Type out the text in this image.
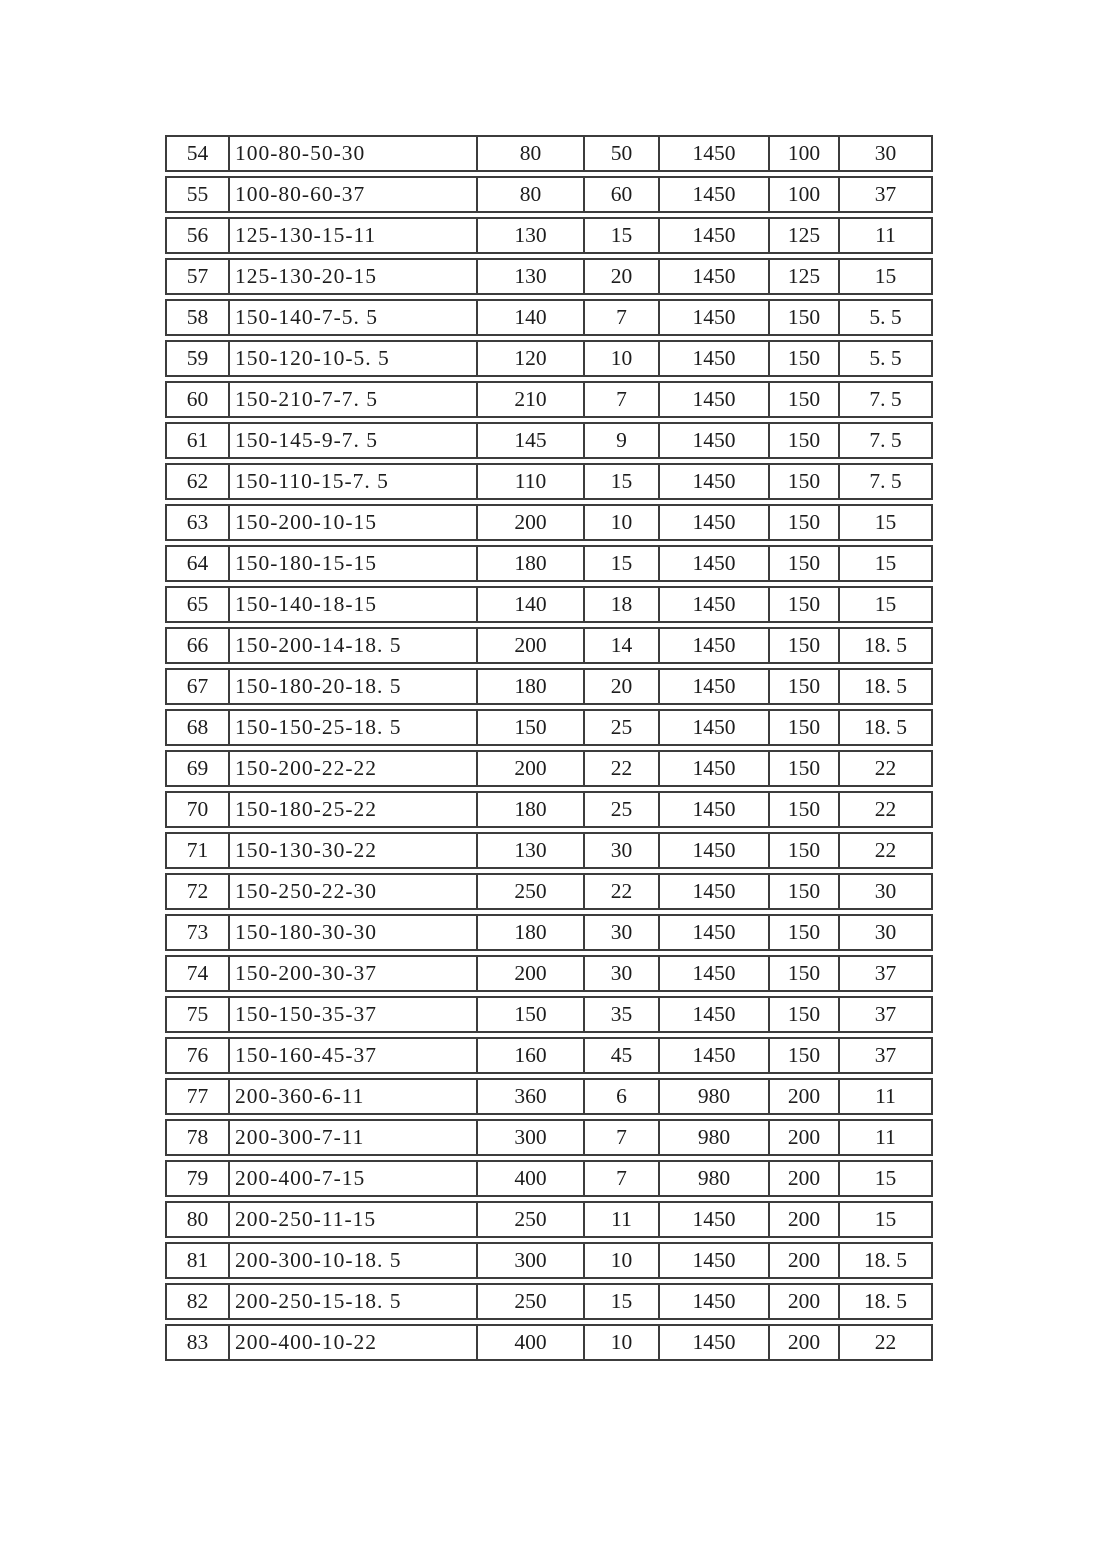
54	100-80-50-30	80	50	1450	100	30
55	100-80-60-37	80	60	1450	100	37
56	125-130-15-11	130	15	1450	125	11
57	125-130-20-15	130	20	1450	125	15
58	150-140-7-5. 5	140	7	1450	150	5. 5
59	150-120-10-5. 5	120	10	1450	150	5. 5
60	150-210-7-7. 5	210	7	1450	150	7. 5
61	150-145-9-7. 5	145	9	1450	150	7. 5
62	150-110-15-7. 5	110	15	1450	150	7. 5
63	150-200-10-15	200	10	1450	150	15
64	150-180-15-15	180	15	1450	150	15
65	150-140-18-15	140	18	1450	150	15
66	150-200-14-18. 5	200	14	1450	150	18. 5
67	150-180-20-18. 5	180	20	1450	150	18. 5
68	150-150-25-18. 5	150	25	1450	150	18. 5
69	150-200-22-22	200	22	1450	150	22
70	150-180-25-22	180	25	1450	150	22
71	150-130-30-22	130	30	1450	150	22
72	150-250-22-30	250	22	1450	150	30
73	150-180-30-30	180	30	1450	150	30
74	150-200-30-37	200	30	1450	150	37
75	150-150-35-37	150	35	1450	150	37
76	150-160-45-37	160	45	1450	150	37
77	200-360-6-11	360	6	980	200	11
78	200-300-7-11	300	7	980	200	11
79	200-400-7-15	400	7	980	200	15
80	200-250-11-15	250	11	1450	200	15
81	200-300-10-18. 5	300	10	1450	200	18. 5
82	200-250-15-18. 5	250	15	1450	200	18. 5
83	200-400-10-22	400	10	1450	200	22
